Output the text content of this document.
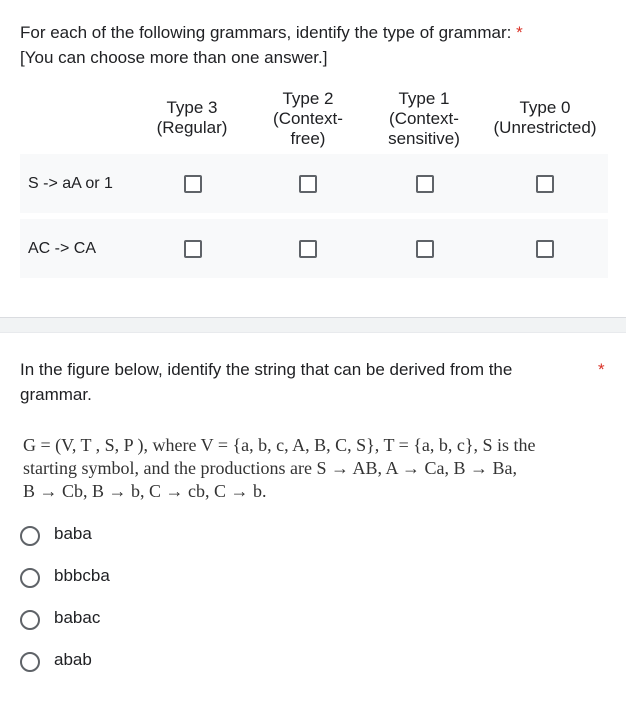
For each of the following grammars, identify the type of grammar: *
[You can choose more than one answer.]
Type 3
(Regular)
Type 2
(Context-
free)
Type 1
(Context-
sensitive)
Type 0
(Unrestricted)
S -> aA or 1
AC -> CA
In the figure below, identify the string that can be derived from the grammar.
*
G = (V, T , S, P ), where V = {a, b, c, A, B, C, S}, T = {a, b, c}, S is the
starting symbol, and the productions are S → AB, A → Ca, B → Ba,
B → Cb, B → b, C → cb, C → b.
baba
bbbcba
babac
abab
